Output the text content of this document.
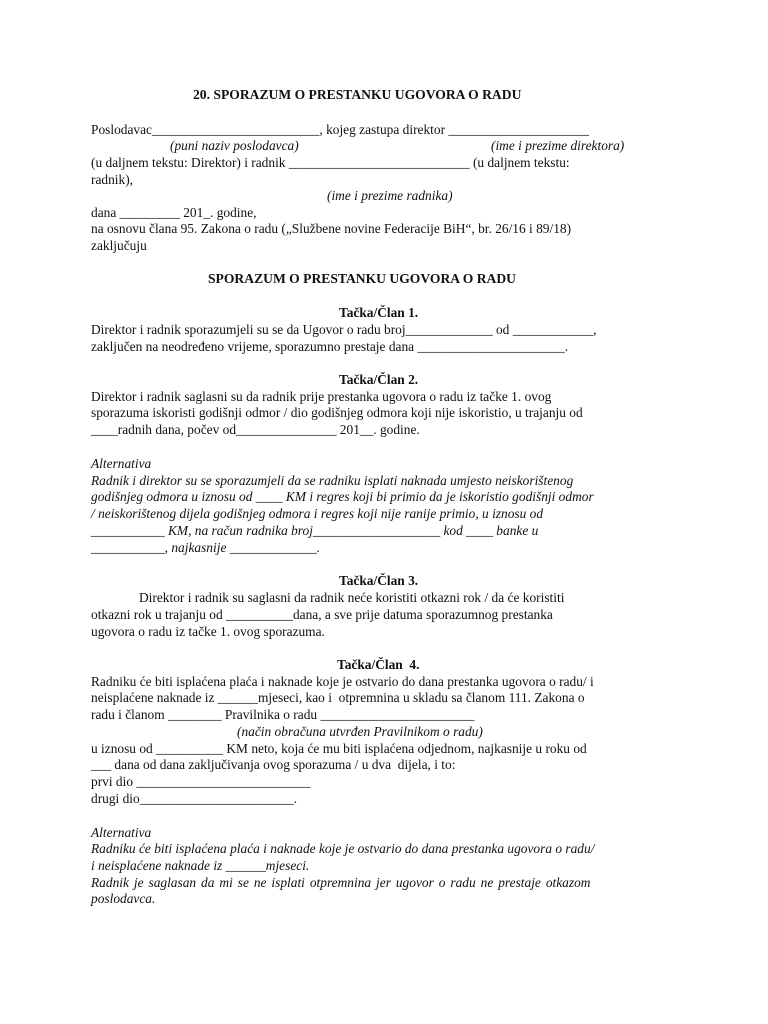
20. SPORAZUM O PRESTANKU UGOVORA O RADU
Poslodavac_________________________, kojeg zastupa direktor _____________________
(puni naziv poslodavca)	(ime i prezime direktora)
(u daljnem tekstu: Direktor) i radnik ___________________________ (u daljnem tekstu:
radnik),
(ime i prezime radnika)
dana _________ 201_. godine,
na osnovu člana 95. Zakona o radu („Službene novine Federacije BiH“, br. 26/16 i 89/18)
zaključuju
SPORAZUM O PRESTANKU UGOVORA O RADU
Tačka/Član 1.
Direktor i radnik sporazumjeli su se da Ugovor o radu broj_____________ od ____________,
zaključen na neodređeno vrijeme, sporazumno prestaje dana ______________________.
Tačka/Član 2.
Direktor i radnik saglasni su da radnik prije prestanka ugovora o radu iz tačke 1. ovog
sporazuma iskoristi godišnji odmor / dio godišnjeg odmora koji nije iskoristio, u trajanju od
____radnih dana, počev od_______________ 201__. godine.
Alternativa
Radnik i direktor su se sporazumjeli da se radniku isplati naknada umjesto neiskorištenog
godišnjeg odmora u iznosu od ____ KM i regres koji bi primio da je iskoristio godišnji odmor
/ neiskorištenog dijela godišnjeg odmora i regres koji nije ranije primio, u iznosu od
___________ KM, na račun radnika broj___________________ kod ____ banke u
___________, najkasnije _____________.
Tačka/Član 3.
Direktor i radnik su saglasni da radnik neće koristiti otkazni rok / da će koristiti
otkazni rok u trajanju od __________dana, a sve prije datuma sporazumnog prestanka
ugovora o radu iz tačke 1. ovog sporazuma.
Tačka/Član  4.
Radniku će biti isplaćena plaća i naknade koje je ostvario do dana prestanka ugovora o radu/ i
neisplaćene naknade iz ______mjeseci, kao i  otpremnina u skladu sa članom 111. Zakona o
radu i članom ________ Pravilnika o radu _______________________
(način obračuna utvrđen Pravilnikom o radu)
u iznosu od __________ KM neto, koja će mu biti isplaćena odjednom, najkasnije u roku od
___ dana od dana zaključivanja ovog sporazuma / u dva  dijela, i to:
prvi dio __________________________
drugi dio_______________________.
Alternativa
Radniku će biti isplaćena plaća i naknade koje je ostvario do dana prestanka ugovora o radu/
i neisplaćene naknade iz ______mjeseci.
Radnik je saglasan da mi se ne isplati otpremnina jer ugovor o radu ne prestaje otkazom
poslodavca.
